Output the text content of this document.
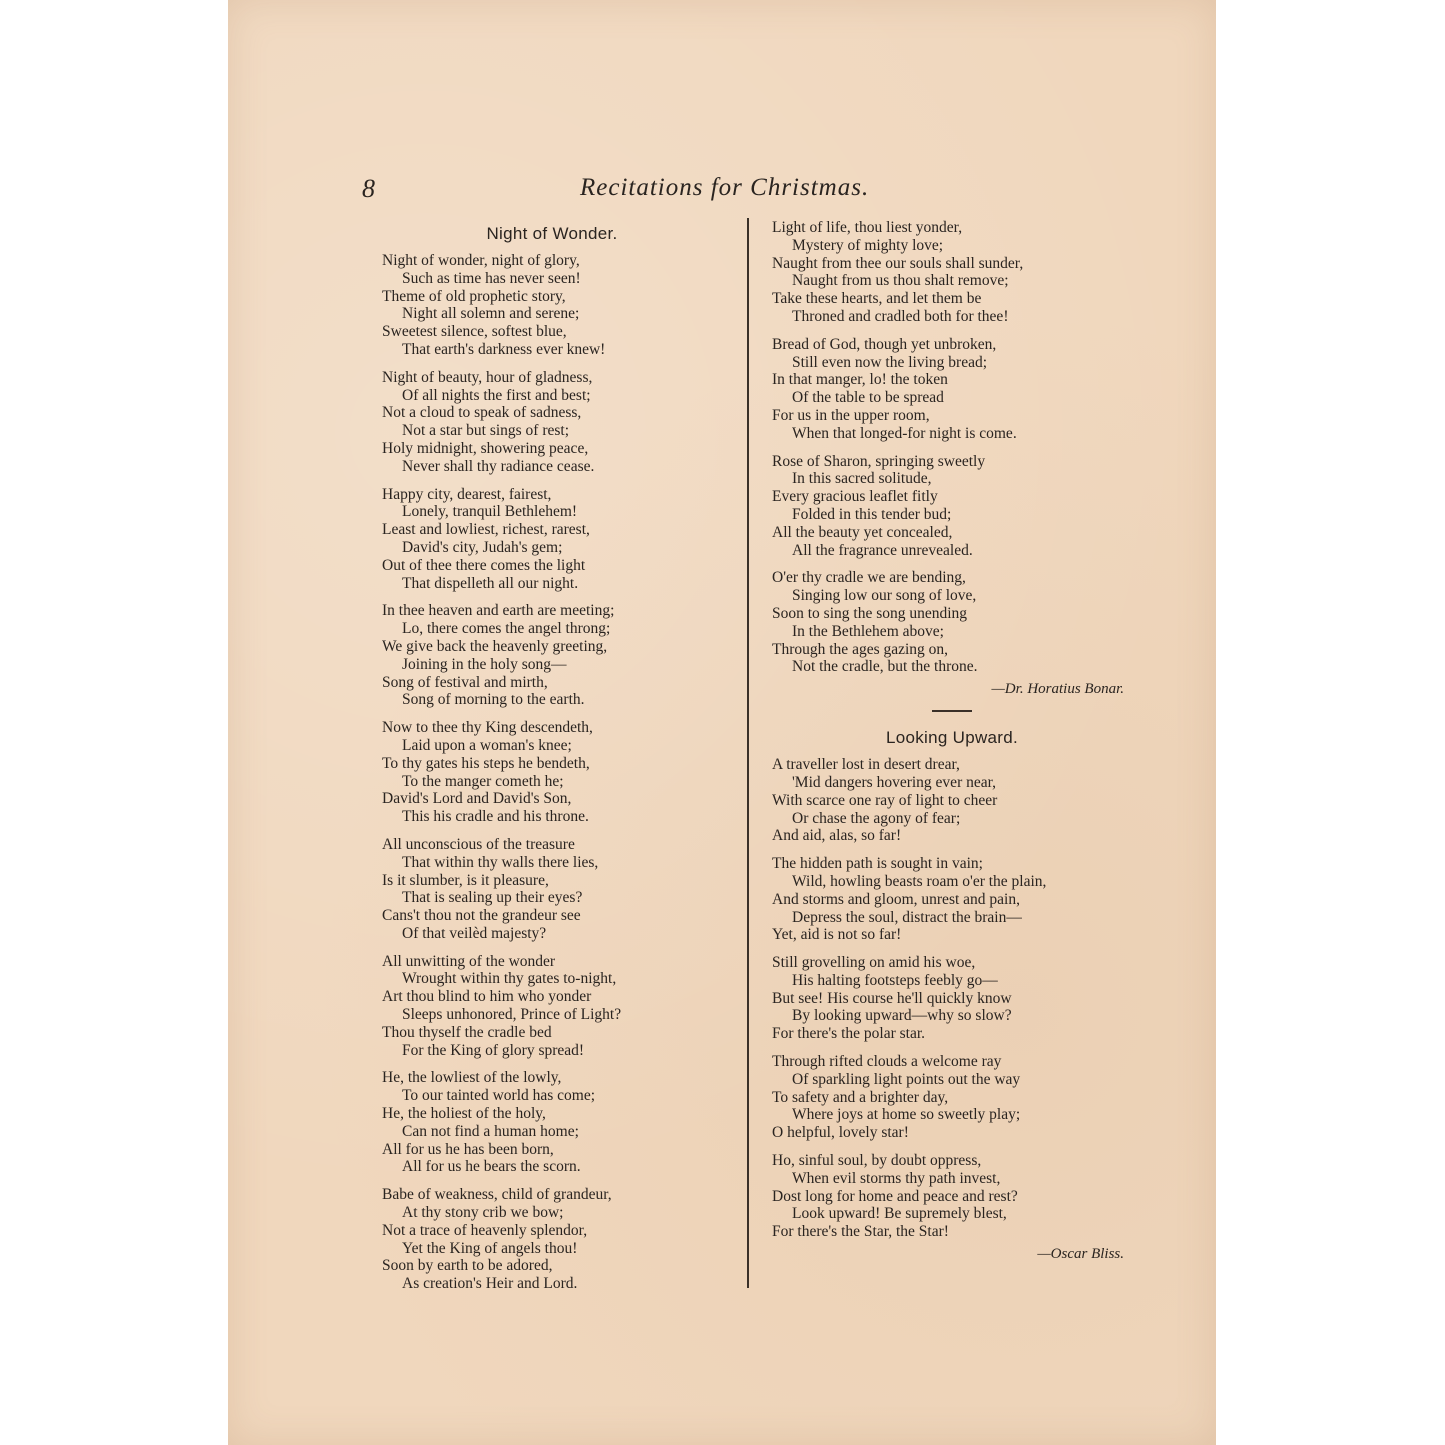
8	Recitations for Christmas.
Night of Wonder.
Night of wonder, night of glory,
Such as time has never seen!
Theme of old prophetic story,
Night all solemn and serene;
Sweetest silence, softest blue,
That earth's darkness ever knew!
Night of beauty, hour of gladness,
Of all nights the first and best;
Not a cloud to speak of sadness,
Not a star but sings of rest;
Holy midnight, showering peace,
Never shall thy radiance cease.
Happy city, dearest, fairest,
Lonely, tranquil Bethlehem!
Least and lowliest, richest, rarest,
David's city, Judah's gem;
Out of thee there comes the light
That dispelleth all our night.
In thee heaven and earth are meeting;
Lo, there comes the angel throng;
We give back the heavenly greeting,
Joining in the holy song—
Song of festival and mirth,
Song of morning to the earth.
Now to thee thy King descendeth,
Laid upon a woman's knee;
To thy gates his steps he bendeth,
To the manger cometh he;
David's Lord and David's Son,
This his cradle and his throne.
All unconscious of the treasure
That within thy walls there lies,
Is it slumber, is it pleasure,
That is sealing up their eyes?
Cans't thou not the grandeur see
Of that veilèd majesty?
All unwitting of the wonder
Wrought within thy gates to-night,
Art thou blind to him who yonder
Sleeps unhonored, Prince of Light?
Thou thyself the cradle bed
For the King of glory spread!
He, the lowliest of the lowly,
To our tainted world has come;
He, the holiest of the holy,
Can not find a human home;
All for us he has been born,
All for us he bears the scorn.
Babe of weakness, child of grandeur,
At thy stony crib we bow;
Not a trace of heavenly splendor,
Yet the King of angels thou!
Soon by earth to be adored,
As creation's Heir and Lord.
Light of life, thou liest yonder,
Mystery of mighty love;
Naught from thee our souls shall sunder,
Naught from us thou shalt remove;
Take these hearts, and let them be
Throned and cradled both for thee!
Bread of God, though yet unbroken,
Still even now the living bread;
In that manger, lo! the token
Of the table to be spread
For us in the upper room,
When that longed-for night is come.
Rose of Sharon, springing sweetly
In this sacred solitude,
Every gracious leaflet fitly
Folded in this tender bud;
All the beauty yet concealed,
All the fragrance unrevealed.
O'er thy cradle we are bending,
Singing low our song of love,
Soon to sing the song unending
In the Bethlehem above;
Through the ages gazing on,
Not the cradle, but the throne.
—Dr. Horatius Bonar.
Looking Upward.
A traveller lost in desert drear,
'Mid dangers hovering ever near,
With scarce one ray of light to cheer
Or chase the agony of fear;
And aid, alas, so far!
The hidden path is sought in vain;
Wild, howling beasts roam o'er the plain,
And storms and gloom, unrest and pain,
Depress the soul, distract the brain—
Yet, aid is not so far!
Still grovelling on amid his woe,
His halting footsteps feebly go—
But see! His course he'll quickly know
By looking upward—why so slow?
For there's the polar star.
Through rifted clouds a welcome ray
Of sparkling light points out the way
To safety and a brighter day,
Where joys at home so sweetly play;
O helpful, lovely star!
Ho, sinful soul, by doubt oppress,
When evil storms thy path invest,
Dost long for home and peace and rest?
Look upward! Be supremely blest,
For there's the Star, the Star!
—Oscar Bliss.
